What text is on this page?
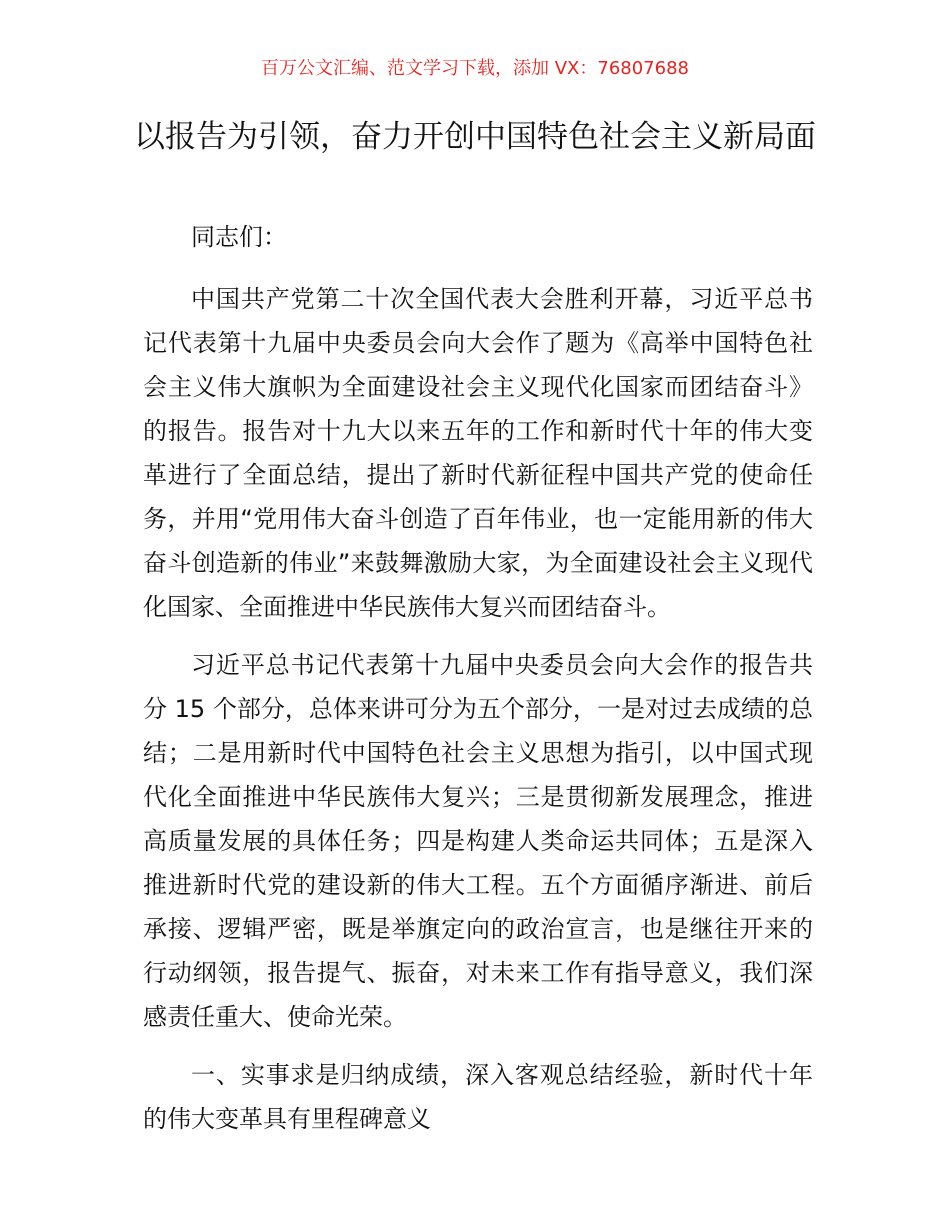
百万公文汇编、范文学习下载，添加 VX：76807688
以报告为引领，奋力开创中国特色社会主义新局面

同志们：

中国共产党第二十次全国代表大会胜利开幕，习近平总书记代表第十九届中央委员会向大会作了题为《高举中国特色社会主义伟大旗帜为全面建设社会主义现代化国家而团结奋斗》的报告。报告对十九大以来五年的工作和新时代十年的伟大变革进行了全面总结，提出了新时代新征程中国共产党的使命任务，并用“党用伟大奋斗创造了百年伟业，也一定能用新的伟大奋斗创造新的伟业”来鼓舞激励大家，为全面建设社会主义现代化国家、全面推进中华民族伟大复兴而团结奋斗。

习近平总书记代表第十九届中央委员会向大会作的报告共分 15 个部分，总体来讲可分为五个部分，一是对过去成绩的总结；二是用新时代中国特色社会主义思想为指引，以中国式现代化全面推进中华民族伟大复兴；三是贯彻新发展理念，推进高质量发展的具体任务；四是构建人类命运共同体；五是深入推进新时代党的建设新的伟大工程。五个方面循序渐进、前后承接、逻辑严密，既是举旗定向的政治宣言，也是继往开来的行动纲领，报告提气、振奋，对未来工作有指导意义，我们深感责任重大、使命光荣。

一、实事求是归纳成绩，深入客观总结经验，新时代十年的伟大变革具有里程碑意义
